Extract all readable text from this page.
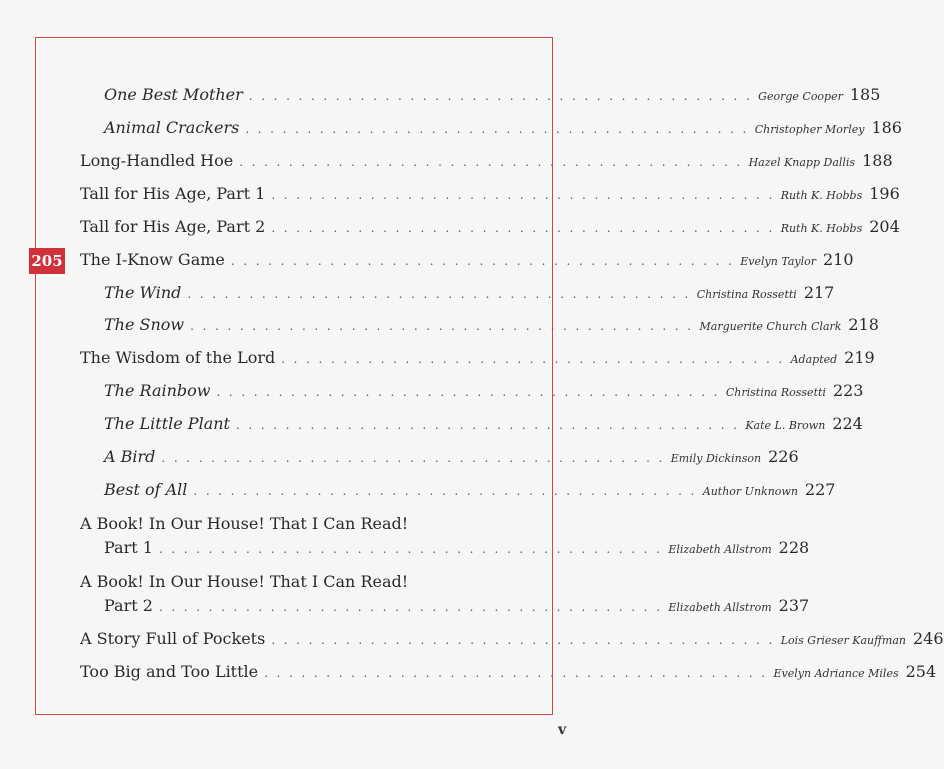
205
One Best Mother . . . . . . . . . . . . . . . . . . . . . . . . . . . . . . . . . . . . . . . . . George Cooper 185
Animal Crackers . . . . . . . . . . . . . . . . . . . . . . . . . . . . . . . . . . . . . . . . . Christopher Morley 186
Long-Handled Hoe . . . . . . . . . . . . . . . . . . . . . . . . . . . . . . . . . . . . . . . . . Hazel Knapp Dallis 188
Tall for His Age, Part 1 . . . . . . . . . . . . . . . . . . . . . . . . . . . . . . . . . . . . . . . . . Ruth K. Hobbs 196
Tall for His Age, Part 2 . . . . . . . . . . . . . . . . . . . . . . . . . . . . . . . . . . . . . . . . . Ruth K. Hobbs 204
The I-Know Game . . . . . . . . . . . . . . . . . . . . . . . . . . . . . . . . . . . . . . . . . Evelyn Taylor 210
The Wind . . . . . . . . . . . . . . . . . . . . . . . . . . . . . . . . . . . . . . . . . Christina Rossetti 217
The Snow . . . . . . . . . . . . . . . . . . . . . . . . . . . . . . . . . . . . . . . . . Marguerite Church Clark 218
The Wisdom of the Lord . . . . . . . . . . . . . . . . . . . . . . . . . . . . . . . . . . . . . . . . . Adapted 219
The Rainbow . . . . . . . . . . . . . . . . . . . . . . . . . . . . . . . . . . . . . . . . . Christina Rossetti 223
The Little Plant . . . . . . . . . . . . . . . . . . . . . . . . . . . . . . . . . . . . . . . . . Kate L. Brown 224
A Bird . . . . . . . . . . . . . . . . . . . . . . . . . . . . . . . . . . . . . . . . . Emily Dickinson 226
Best of All . . . . . . . . . . . . . . . . . . . . . . . . . . . . . . . . . . . . . . . . . Author Unknown 227
A Book! In Our House! That I Can Read!
Part 1 . . . . . . . . . . . . . . . . . . . . . . . . . . . . . . . . . . . . . . . . . Elizabeth Allstrom 228
A Book! In Our House! That I Can Read!
Part 2 . . . . . . . . . . . . . . . . . . . . . . . . . . . . . . . . . . . . . . . . . Elizabeth Allstrom 237
A Story Full of Pockets . . . . . . . . . . . . . . . . . . . . . . . . . . . . . . . . . . . . . . . . . Lois Grieser Kauffman 246
Too Big and Too Little . . . . . . . . . . . . . . . . . . . . . . . . . . . . . . . . . . . . . . . . . Evelyn Adriance Miles 254
v
